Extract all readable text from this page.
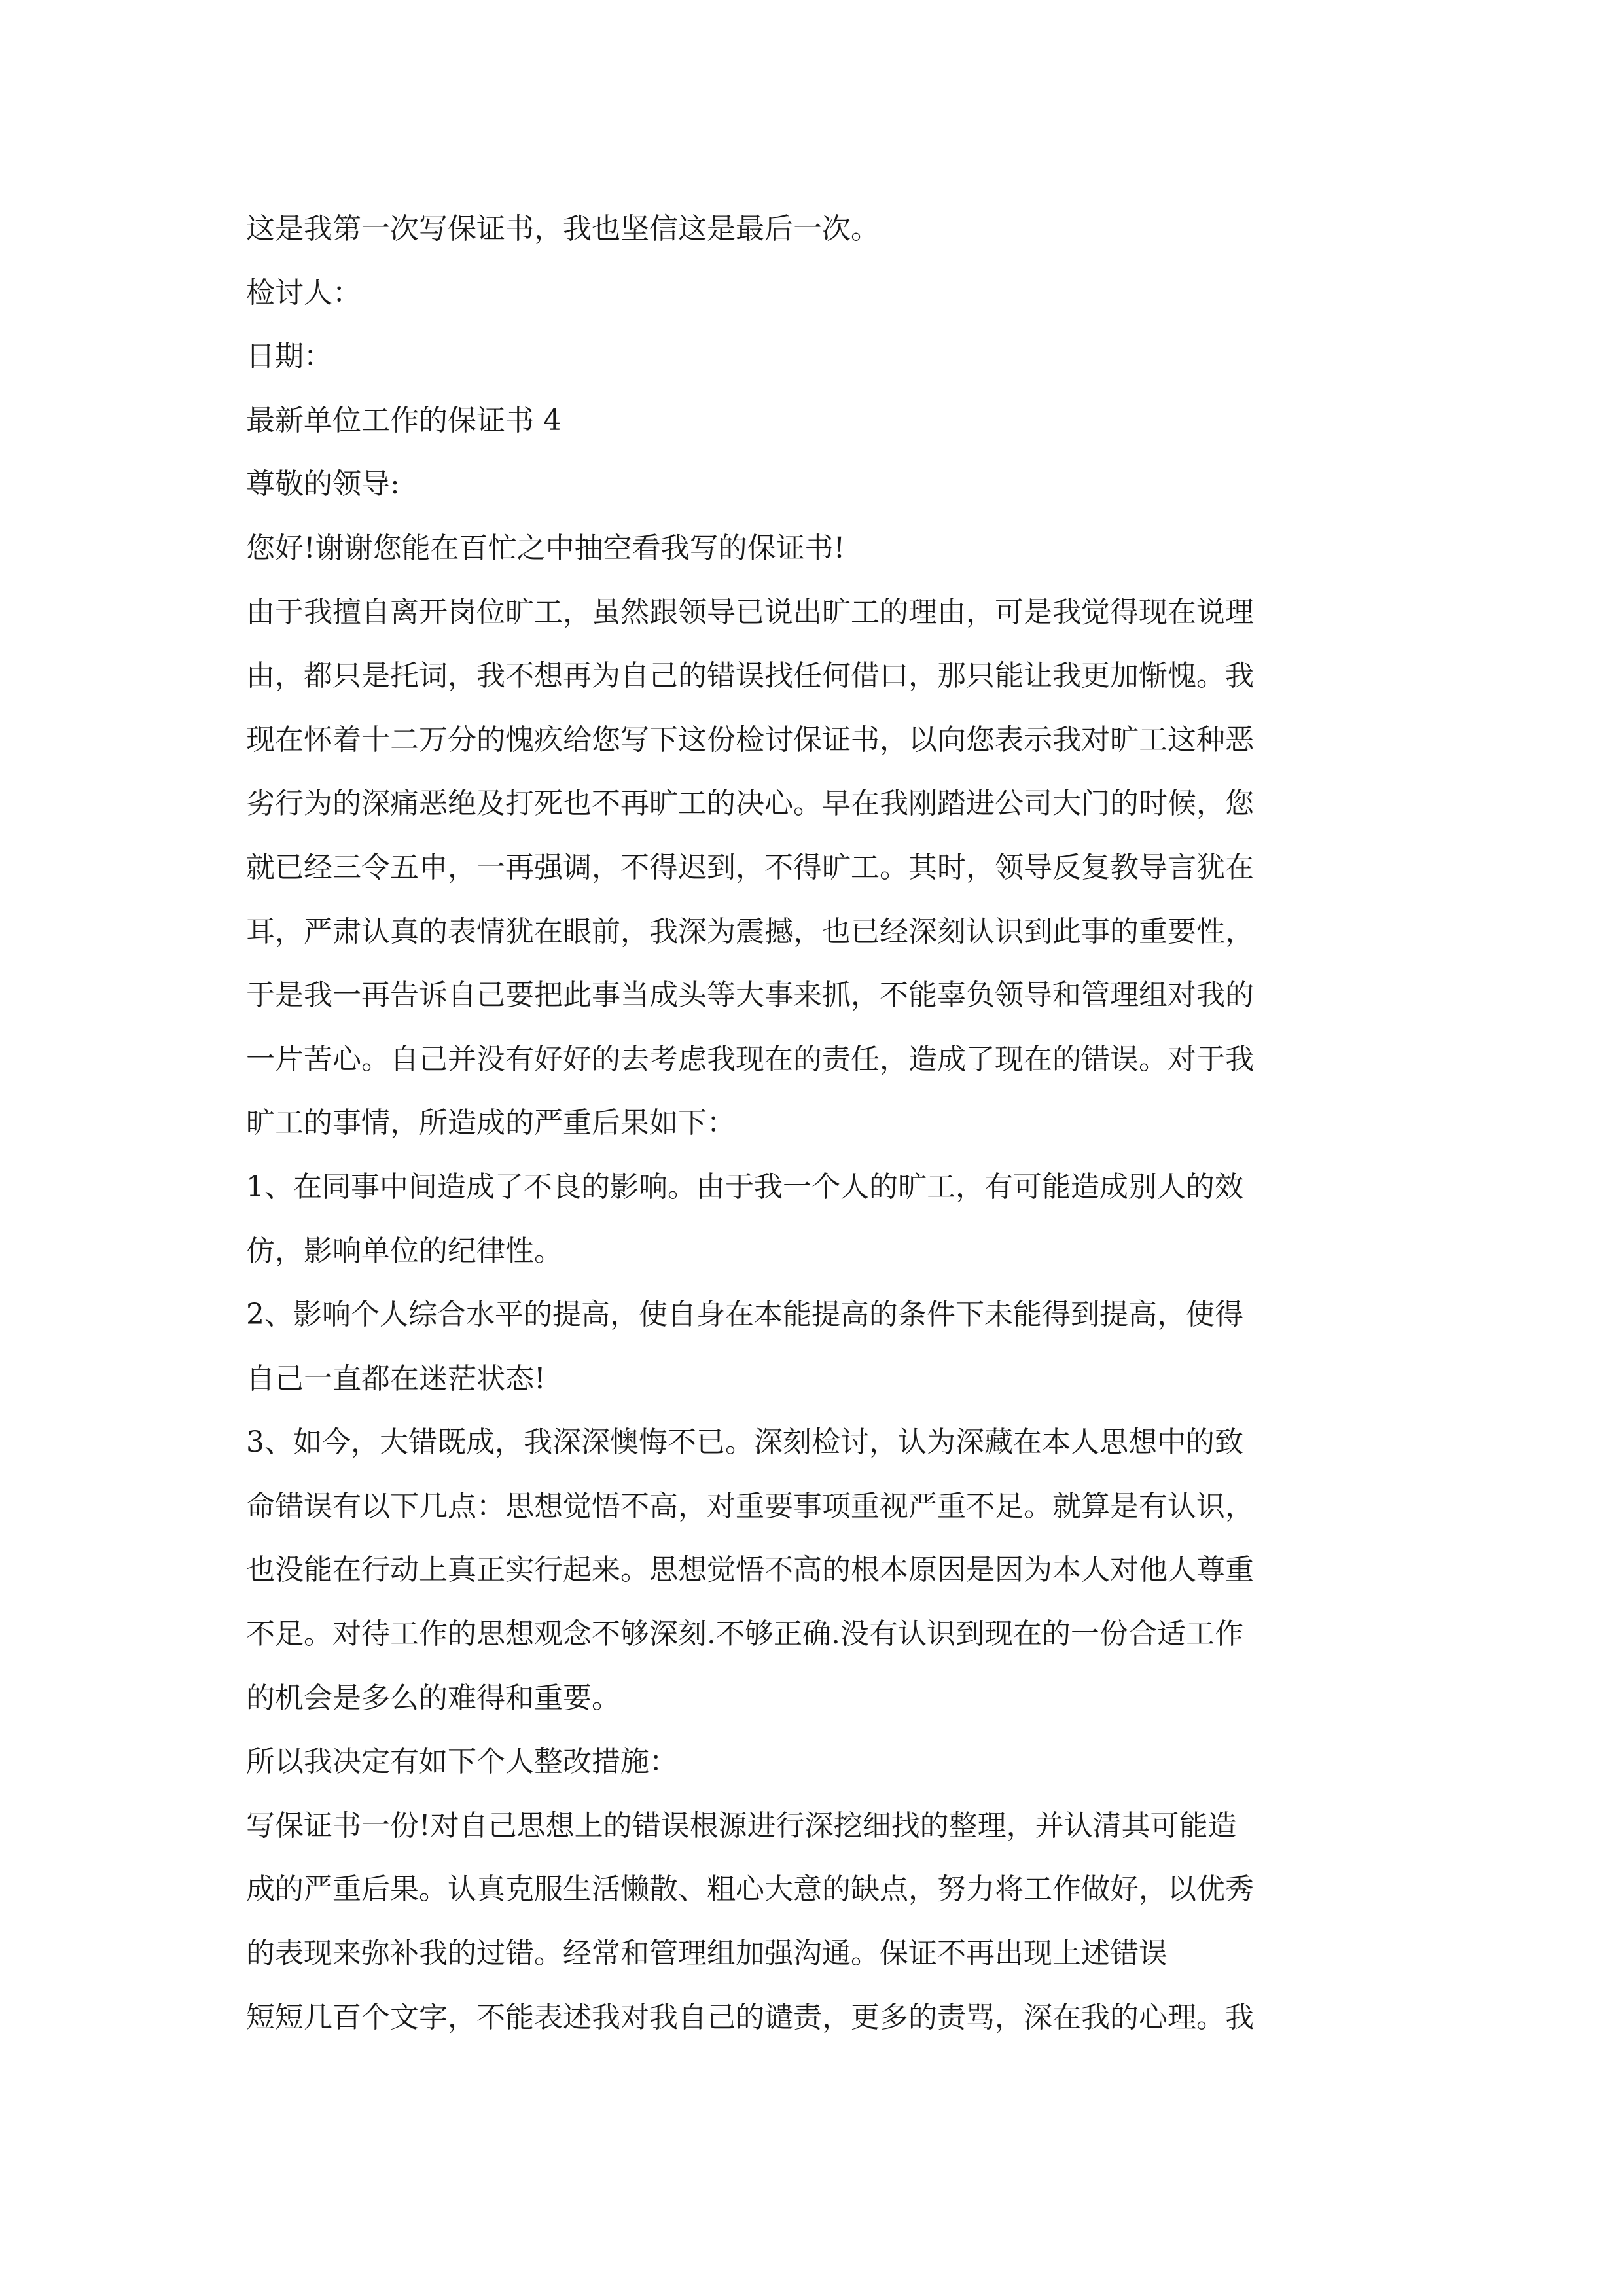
这是我第一次写保证书，我也坚信这是最后一次。
检讨人：
日期：
最新单位工作的保证书 4
尊敬的领导:
您好!谢谢您能在百忙之中抽空看我写的保证书!
由于我擅自离开岗位旷工，虽然跟领导已说出旷工的理由，可是我觉得现在说理
由，都只是托词，我不想再为自己的错误找任何借口，那只能让我更加惭愧。我
现在怀着十二万分的愧疚给您写下这份检讨保证书，以向您表示我对旷工这种恶
劣行为的深痛恶绝及打死也不再旷工的决心。早在我刚踏进公司大门的时候，您
就已经三令五申，一再强调，不得迟到，不得旷工。其时，领导反复教导言犹在
耳，严肃认真的表情犹在眼前，我深为震撼，也已经深刻认识到此事的重要性，
于是我一再告诉自己要把此事当成头等大事来抓，不能辜负领导和管理组对我的
一片苦心。自己并没有好好的去考虑我现在的责任，造成了现在的错误。对于我
旷工的事情，所造成的严重后果如下：
1、在同事中间造成了不良的影响。由于我一个人的旷工，有可能造成别人的效
仿，影响单位的纪律性。
2、影响个人综合水平的提高，使自身在本能提高的条件下未能得到提高，使得
自己一直都在迷茫状态!
3、如今，大错既成，我深深懊悔不已。深刻检讨，认为深藏在本人思想中的致
命错误有以下几点：思想觉悟不高，对重要事项重视严重不足。就算是有认识，
也没能在行动上真正实行起来。思想觉悟不高的根本原因是因为本人对他人尊重
不足。对待工作的思想观念不够深刻.不够正确.没有认识到现在的一份合适工作
的机会是多么的难得和重要。
所以我决定有如下个人整改措施：
写保证书一份!对自己思想上的错误根源进行深挖细找的整理，并认清其可能造
成的严重后果。认真克服生活懒散、粗心大意的缺点，努力将工作做好，以优秀
的表现来弥补我的过错。经常和管理组加强沟通。保证不再出现上述错误
短短几百个文字，不能表述我对我自己的谴责，更多的责骂，深在我的心理。我
